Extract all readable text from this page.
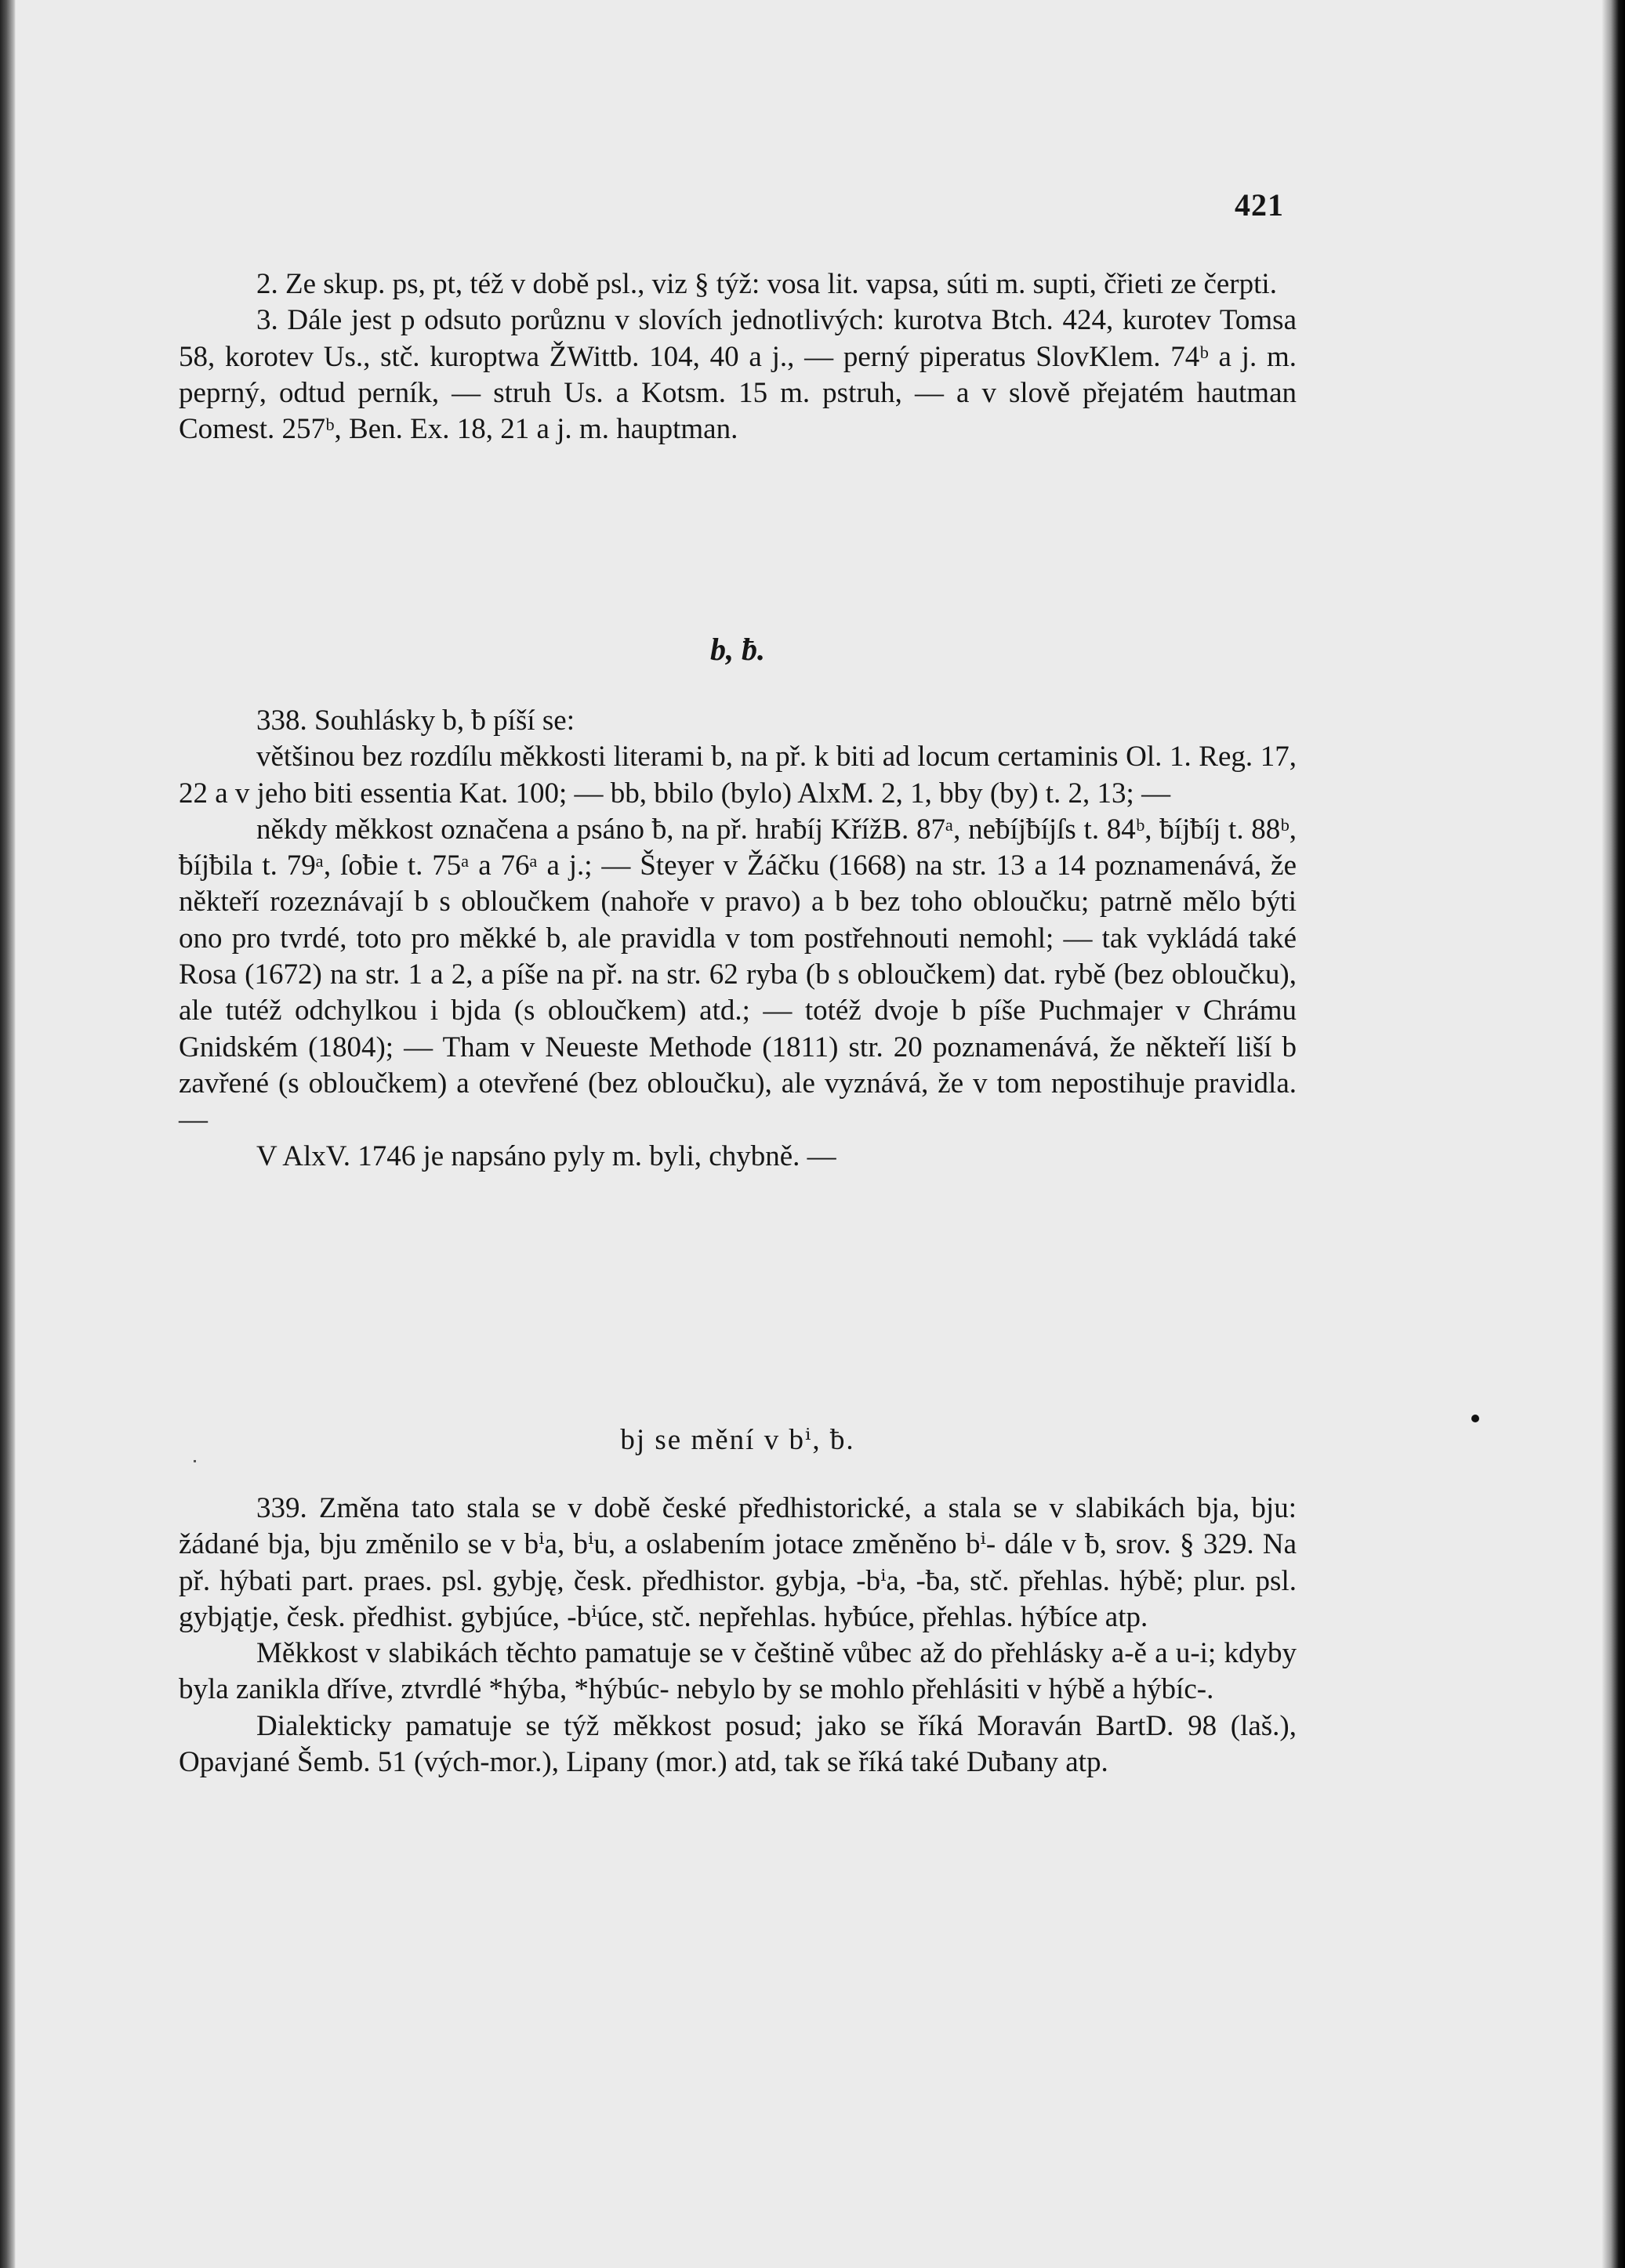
421

2. Ze skup. ps, pt, též v době psl., viz § týž: vosa lit. vapsa, súti m. supti, čřieti ze čerpti.

3. Dále jest p odsuto porůznu v slovích jednotlivých: kurotva Btch. 424, kurotev Tomsa 58, korotev Us., stč. kuroptwa ŽWittb. 104, 40 a j., — perný piperatus SlovKlem. 74ᵇ a j. m. peprný, odtud perník, — struh Us. a Kotsm. 15 m. pstruh, — a v slově přejatém hautman Comest. 257ᵇ, Ben. Ex. 18, 21 a j. m. hauptman.

b, ƀ.

338. Souhlásky b, ƀ píší se:

většinou bez rozdílu měkkosti literami b, na př. k biti ad locum certaminis Ol. 1. Reg. 17, 22 a v jeho biti essentia Kat. 100; — bb, bbilo (bylo) AlxM. 2, 1, bby (by) t. 2, 13; —

někdy měkkost označena a psáno ƀ, na př. hraƀíj KřížB. 87ᵃ, neƀíjƀíjſs t. 84ᵇ, ƀíjƀíj t. 88ᵇ, ƀíjƀila t. 79ᵃ, ſoƀie t. 75ᵃ a 76ᵃ a j.; — Šteyer v Žáčku (1668) na str. 13 a 14 poznamenává, že někteří rozeznávají b s obloučkem (nahoře v pravo) a b bez toho obloučku; patrně mělo býti ono pro tvrdé, toto pro měkké b, ale pravidla v tom postřehnouti nemohl; — tak vykládá také Rosa (1672) na str. 1 a 2, a píše na př. na str. 62 ryba (b s obloučkem) dat. rybě (bez obloučku), ale tutéž odchylkou i bjda (s obloučkem) atd.; — totéž dvoje b píše Puchmajer v Chrámu Gnidském (1804); — Tham v Neueste Methode (1811) str. 20 poznamenává, že někteří liší b zavřené (s obloučkem) a otevřené (bez obloučku), ale vyznává, že v tom nepostihuje pravidla. —

V AlxV. 1746 je napsáno pyly m. byli, chybně. —

bj se mění v bⁱ, ƀ.

339. Změna tato stala se v době české předhistorické, a stala se v slabikách bja, bju: žádané bja, bju změnilo se v bⁱa, bⁱu, a oslabením jotace změněno bⁱ- dále v ƀ, srov. § 329. Na př. hýbati part. praes. psl. gybję, česk. předhistor. gybja, -bⁱa, -ƀa, stč. přehlas. hýbě; plur. psl. gybjątje, česk. předhist. gybjúce, -bⁱúce, stč. nepřehlas. hyƀúce, přehlas. hýƀíce atp.

Měkkost v slabikách těchto pamatuje se v češtině vůbec až do přehlásky a-ě a u-i; kdyby byla zanikla dříve, ztvrdlé *hýba, *hýbúc- nebylo by se mohlo přehlásiti v hýbě a hýbíc-.

Dialekticky pamatuje se týž měkkost posud; jako se říká Moraván BartD. 98 (laš.), Opavjané Šemb. 51 (vých-mor.), Lipany (mor.) atd, tak se říká také Duƀany atp.
